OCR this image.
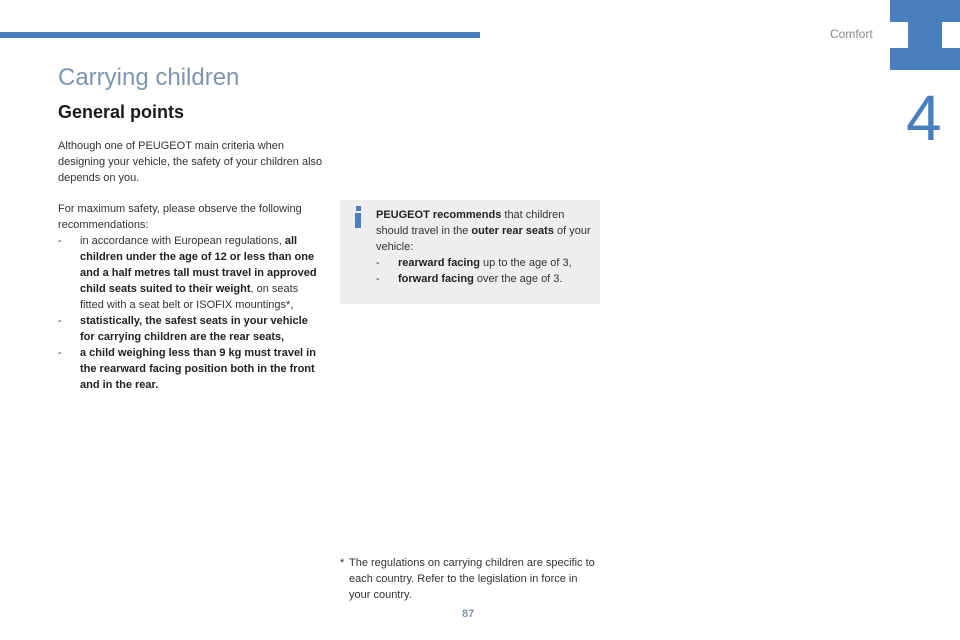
Comfort
4
Carrying children
General points
Although one of PEUGEOT main criteria when designing your vehicle, the safety of your children also depends on you.
For maximum safety, please observe the following recommendations:
- in accordance with European regulations, all children under the age of 12 or less than one and a half metres tall must travel in approved child seats suited to their weight, on seats fitted with a seat belt or ISOFIX mountings*,
- statistically, the safest seats in your vehicle for carrying children are the rear seats,
- a child weighing less than 9 kg must travel in the rearward facing position both in the front and in the rear.
PEUGEOT recommends that children should travel in the outer rear seats of your vehicle:
- rearward facing up to the age of 3,
- forward facing over the age of 3.
* The regulations on carrying children are specific to each country. Refer to the legislation in force in your country.
87
